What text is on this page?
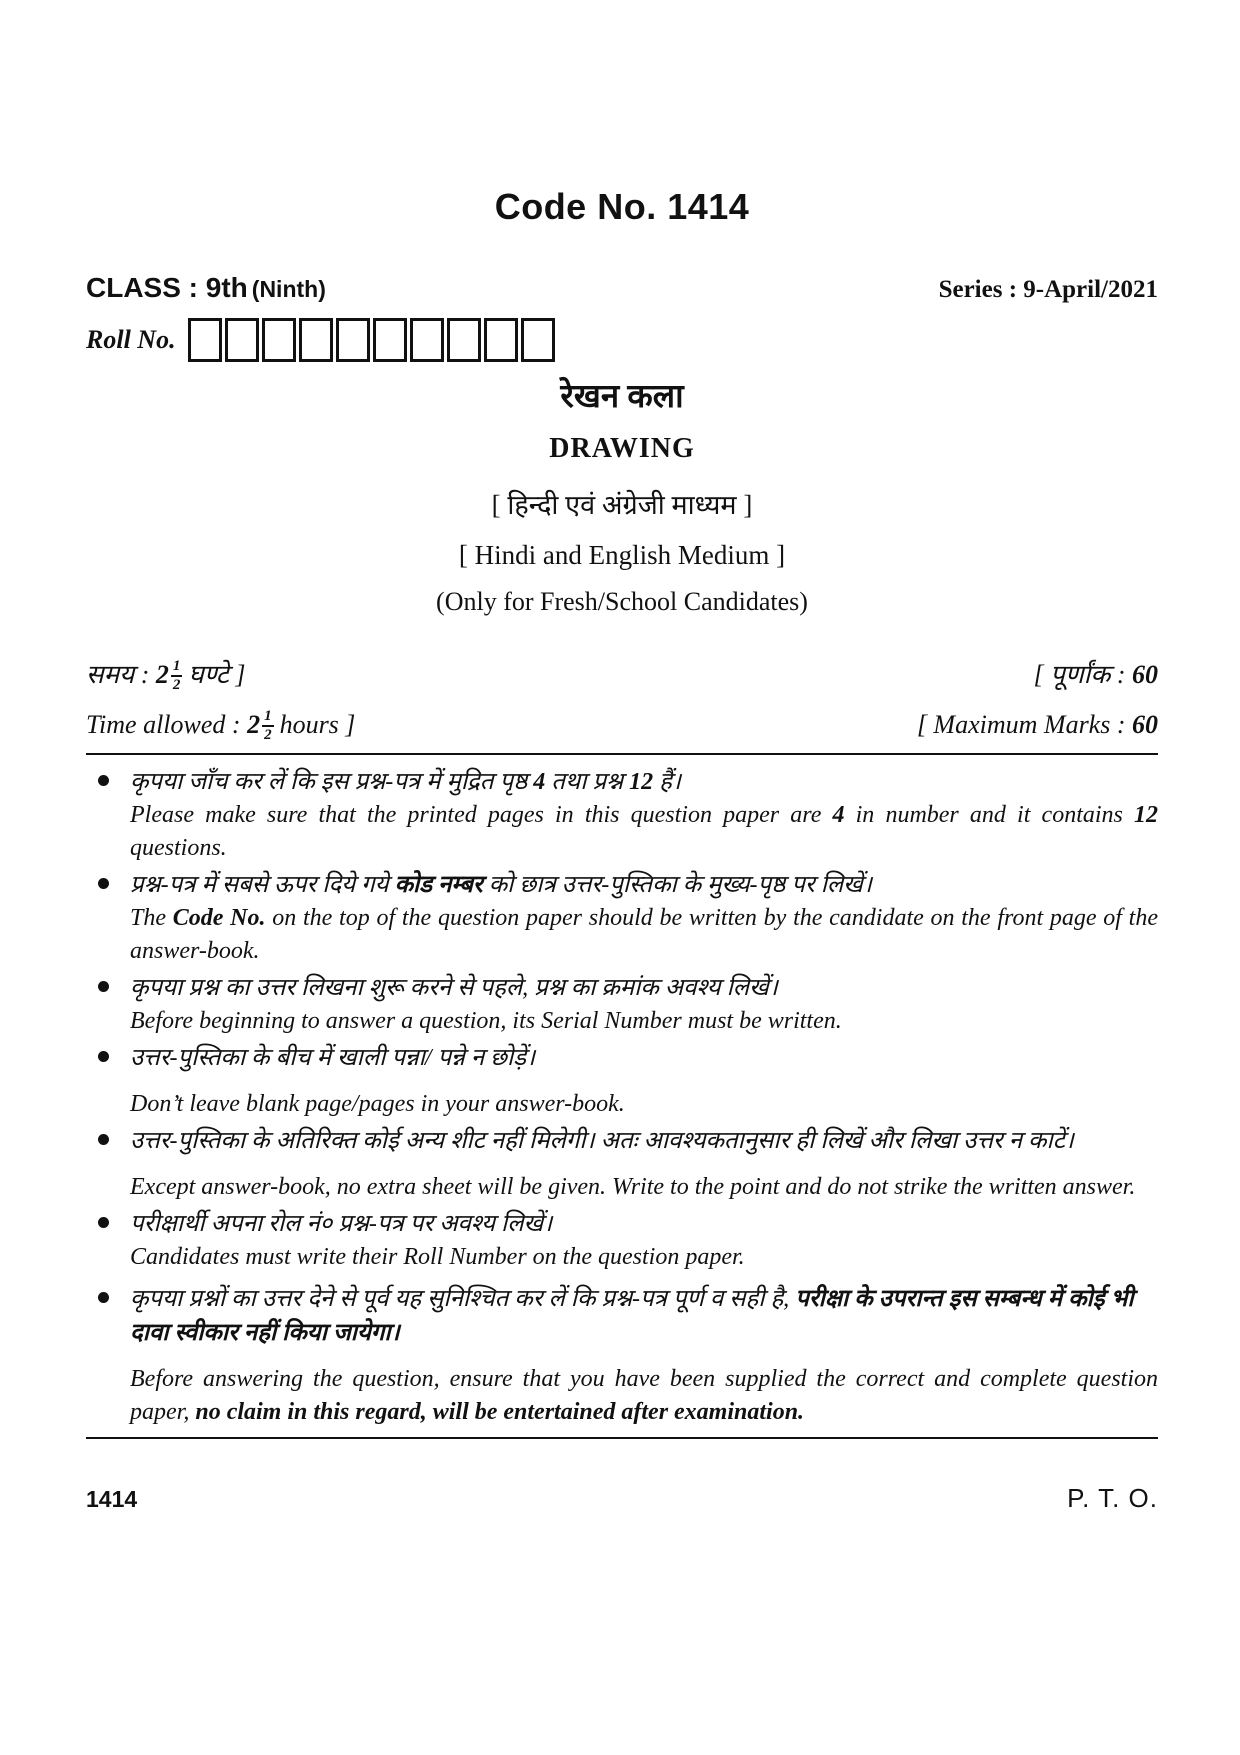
Code No. 1414
CLASS : 9th (Ninth)	Series : 9-April/2021
Roll No.
रेखन कला
DRAWING
[ हिन्दी एवं अंग्रेजी माध्यम ]
[ Hindi and English Medium ]
(Only for Fresh/School Candidates)
समय : $2 \frac{1}{2}$ घण्टे ]	[ पूर्णांक : 60
Time allowed : $2 \frac{1}{2}$ hours ]	[ Maximum Marks : 60

कृपया जाँच कर लें कि इस प्रश्न-पत्र में मुद्रित पृष्ठ 4 तथा प्रश्न 12 हैं।

Please make sure that the printed pages in this question paper are 4 in number and it contains 12 questions.

प्रश्न-पत्र में सबसे ऊपर दिये गये कोड नम्बर को छात्र उत्तर-पुस्तिका के मुख्य-पृष्ठ पर लिखें।

The Code No. on the top of the question paper should be written by the candidate on the front page of the answer-book.

कृपया प्रश्न का उत्तर लिखना शुरू करने से पहले, प्रश्न का क्रमांक अवश्य लिखें।

Before beginning to answer a question, its Serial Number must be written.

उत्तर-पुस्तिका के बीच में खाली पन्ना/ पन्ने न छोड़ें।

Don’t leave blank page/pages in your answer-book.

उत्तर-पुस्तिका के अतिरिक्त कोई अन्य शीट नहीं मिलेगी। अतः आवश्यकतानुसार ही लिखें और लिखा उत्तर न काटें।

Except answer-book, no extra sheet will be given. Write to the point and do not strike the written answer.

परीक्षार्थी अपना रोल नं० प्रश्न-पत्र पर अवश्य लिखें।

Candidates must write their Roll Number on the question paper.

कृपया प्रश्नों का उत्तर देने से पूर्व यह सुनिश्चित कर लें कि प्रश्न-पत्र पूर्ण व सही है, परीक्षा के उपरान्त इस सम्बन्ध में कोई भी दावा स्वीकार नहीं किया जायेगा।

Before answering the question, ensure that you have been supplied the correct and complete question paper, no claim in this regard, will be entertained after examination.

1414	P. T. O.
